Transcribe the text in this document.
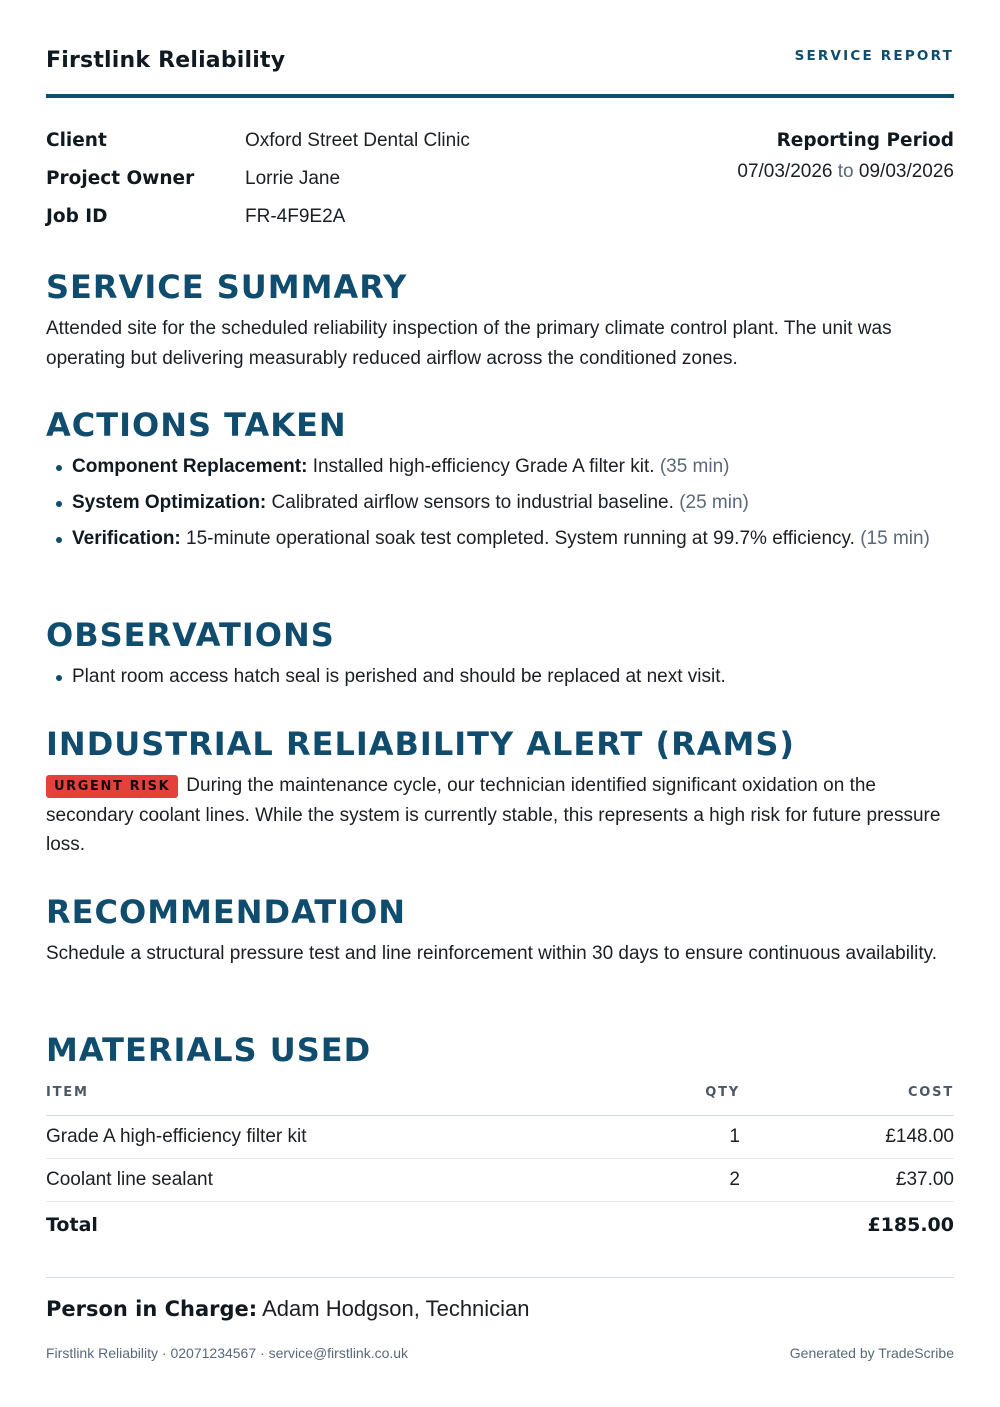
Firstlink Reliability	SERVICE REPORT
Client	Oxford Street Dental Clinic
Project Owner	Lorrie Jane
Job ID	FR-4F9E2A
Reporting Period
07/03/2026 to 09/03/2026
SERVICE SUMMARY

Attended site for the scheduled reliability inspection of the primary climate control plant. The unit was operating but delivering measurably reduced airflow across the conditioned zones.

ACTIONS TAKEN
Component Replacement: Installed high-efficiency Grade A filter kit. (35 min)
System Optimization: Calibrated airflow sensors to industrial baseline. (25 min)
Verification: 15-minute operational soak test completed. System running at 99.7% efficiency. (15 min)
OBSERVATIONS
Plant room access hatch seal is perished and should be replaced at next visit.
INDUSTRIAL RELIABILITY ALERT (RAMS)

URGENT RISK During the maintenance cycle, our technician identified significant oxidation on the secondary coolant lines. While the system is currently stable, this represents a high risk for future pressure loss.

RECOMMENDATION

Schedule a structural pressure test and line reinforcement within 30 days to ensure continuous availability.

MATERIALS USED
ITEM	QTY	COST
Grade A high-efficiency filter kit	1	£148.00
Coolant line sealant	2	£37.00
Total		£185.00
Person in Charge: Adam Hodgson, Technician
Firstlink Reliability · 02071234567 · service@firstlink.co.uk	Generated by TradeScribe
